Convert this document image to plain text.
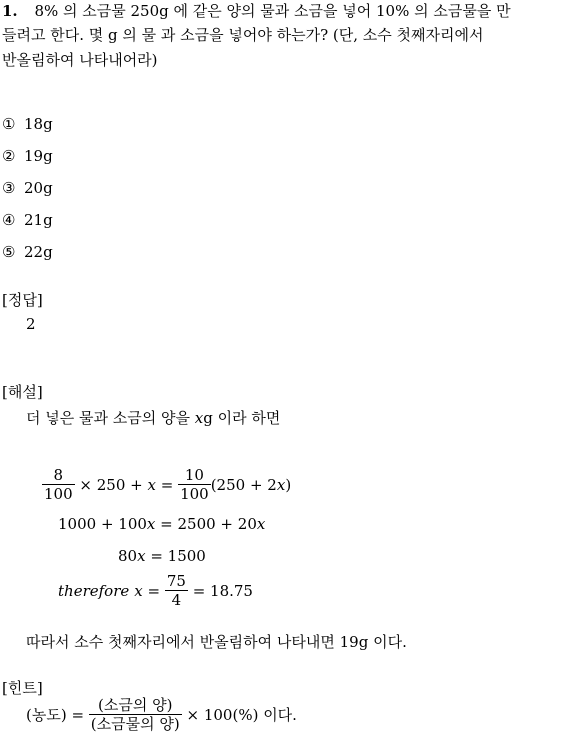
1. 8% 의 소금물 250g 에 같은 양의 물과 소금을 넣어 10% 의 소금물을 만
들려고 한다. 몇 g 의 물 과 소금을 넣어야 하는가? (단, 소수 첫째자리에서
반올림하여 나타내어라)
① 18g
② 19g
③ 20g
④ 21g
⑤ 22g
[정답]
2
[해설]
더 넣은 물과 소금의 양을 xg 이라 하면
$\frac{8}{100} \times 250 + x = \frac{10}{100} (250 + 2$ x )
1000 + 100 x = 2500 + 20 x
80 x = 1500
therefore $x = \frac{75}{4} = 18.75$
따라서 소수 첫째자리에서 반올림하여 나타내면 19g 이다.
[힌트]
(농도) = $\frac{\text{(소금의 양)}}{\text{(소금물의 양)}} \times 100(\%)$ 이다.
